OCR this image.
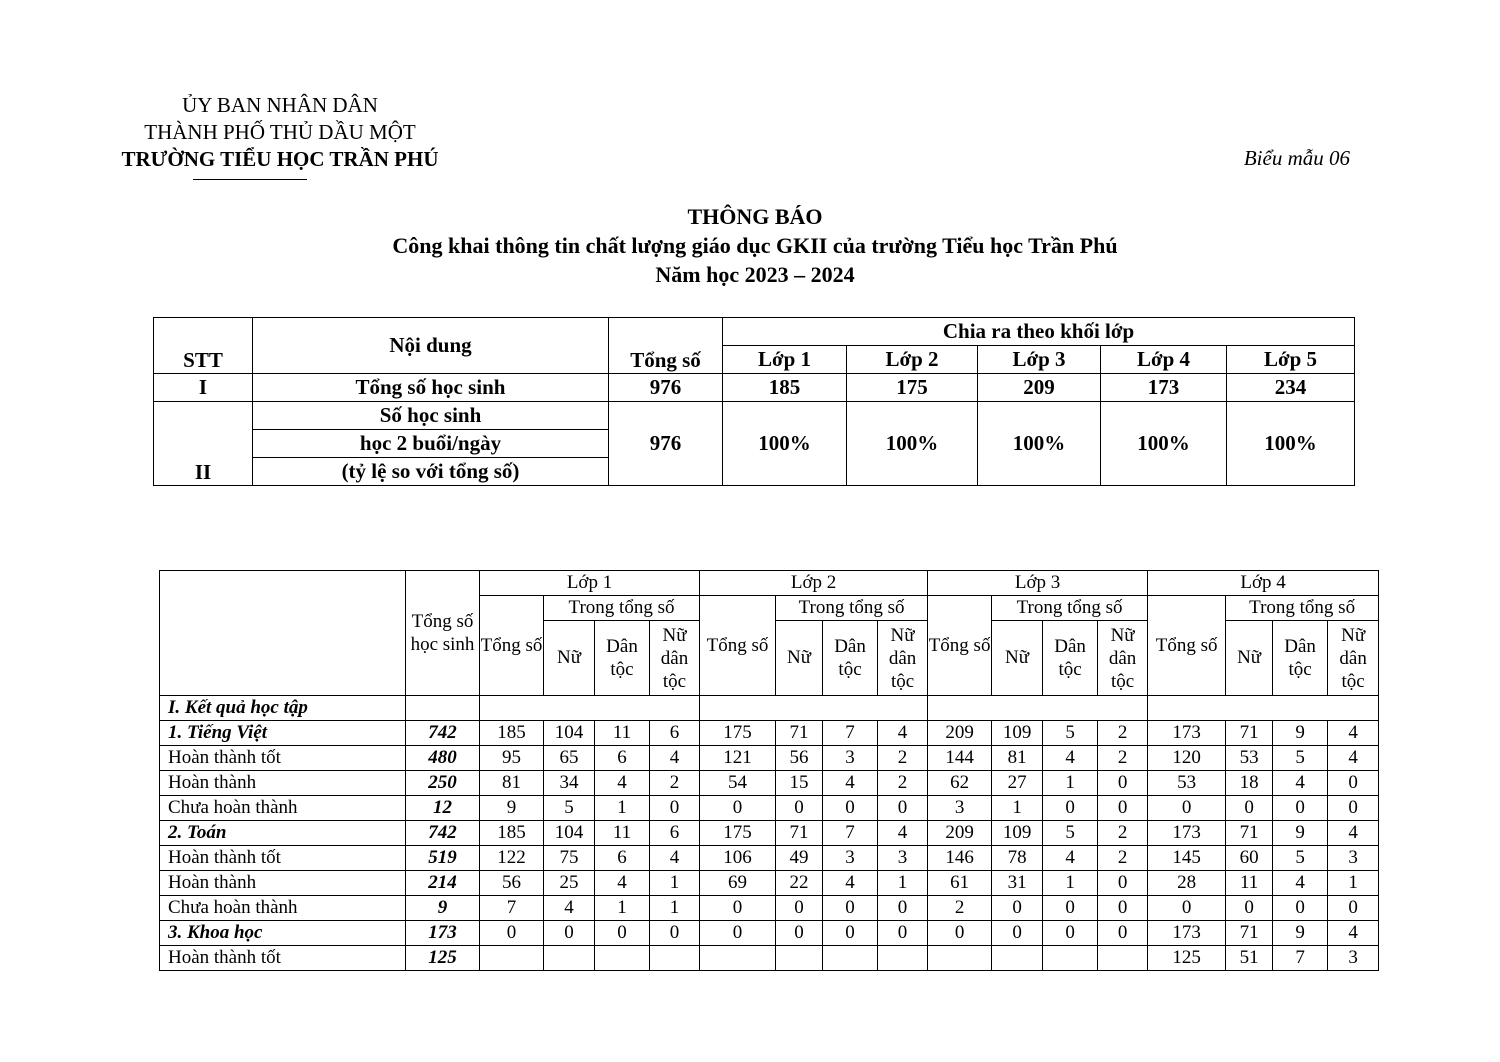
ỦY BAN NHÂN DÂN
THÀNH PHỐ THỦ DẦU MỘT
TRƯỜNG TIỂU HỌC TRẦN PHÚ	Biểu mẫu 06
THÔNG BÁO
Công khai thông tin chất lượng giáo dục GKII của trường Tiểu học Trần Phú
Năm học 2023 – 2024
STT	Nội dung	Tổng số	Chia ra theo khối lớp				
			Lớp 1	Lớp 2	Lớp 3	Lớp 4	Lớp 5
I	Tổng số học sinh	976	185	175	209	173	234
II	Số học sinh	976	100%	100%	100%	100%	100%
	học 2 buổi/ngày						
	(tỷ lệ so với tổng số)						
	Tổng số học sinh	Lớp 1				Lớp 2				Lớp 3				Lớp 4			
		Tổng số	Trong tổng số			Tổng số	Trong tổng số			Tổng số	Trong tổng số			Tổng số	Trong tổng số		
			Nữ	Dân tộc	Nữ dân tộc		Nữ	Dân tộc	Nữ dân tộc		Nữ	Dân tộc	Nữ dân tộc		Nữ	Dân tộc	Nữ dân tộc
I. Kết quả học tập																	
1. Tiếng Việt	742	185	104	11	6	175	71	7	4	209	109	5	2	173	71	9	4
Hoàn thành tốt	480	95	65	6	4	121	56	3	2	144	81	4	2	120	53	5	4
Hoàn thành	250	81	34	4	2	54	15	4	2	62	27	1	0	53	18	4	0
Chưa hoàn thành	12	9	5	1	0	0	0	0	0	3	1	0	0	0	0	0	0
2. Toán	742	185	104	11	6	175	71	7	4	209	109	5	2	173	71	9	4
Hoàn thành tốt	519	122	75	6	4	106	49	3	3	146	78	4	2	145	60	5	3
Hoàn thành	214	56	25	4	1	69	22	4	1	61	31	1	0	28	11	4	1
Chưa hoàn thành	9	7	4	1	1	0	0	0	0	2	0	0	0	0	0	0	0
3. Khoa học	173	0	0	0	0	0	0	0	0	0	0	0	0	173	71	9	4
Hoàn thành tốt	125													125	51	7	3
